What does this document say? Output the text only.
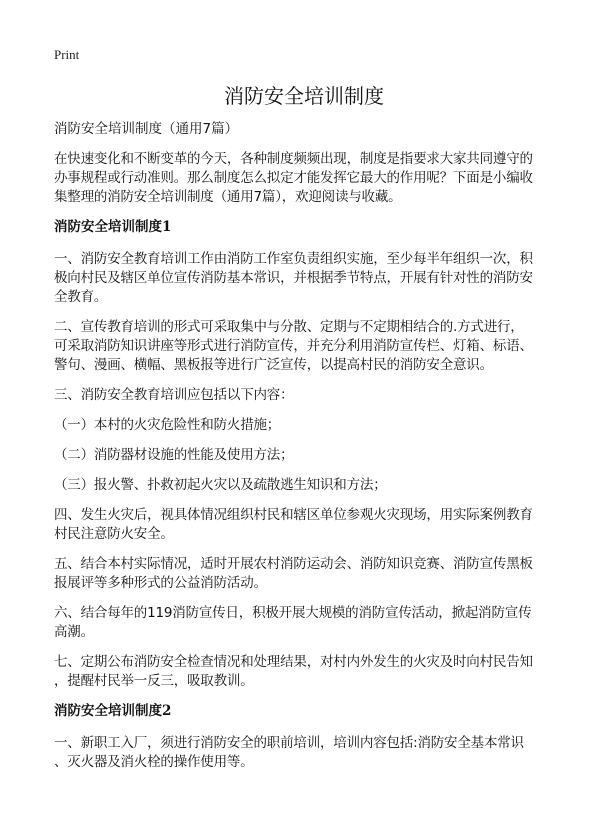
Print
消防安全培训制度
消防安全培训制度（通用7篇）
在快速变化和不断变革的今天，各种制度频频出现，制度是指要求大家共同遵守的
办事规程或行动准则。那么制度怎么拟定才能发挥它最大的作用呢？下面是小编收
集整理的消防安全培训制度（通用7篇），欢迎阅读与收藏。
消防安全培训制度1
一、消防安全教育培训工作由消防工作室负责组织实施，至少每半年组织一次，积
极向村民及辖区单位宣传消防基本常识，并根据季节特点，开展有针对性的消防安
全教育。
二、宣传教育培训的形式可采取集中与分散、定期与不定期相结合的.方式进行，
可采取消防知识讲座等形式进行消防宣传，并充分利用消防宣传栏、灯箱、标语、
警句、漫画、横幅、黑板报等进行广泛宣传，以提高村民的消防安全意识。
三、消防安全教育培训应包括以下内容：
（一）本村的火灾危险性和防火措施；
（二）消防器材设施的性能及使用方法；
（三）报火警、扑救初起火灾以及疏散逃生知识和方法；
四、发生火灾后，视具体情况组织村民和辖区单位参观火灾现场，用实际案例教育
村民注意防火安全。
五、结合本村实际情况，适时开展农村消防运动会、消防知识竞赛、消防宣传黑板
报展评等多种形式的公益消防活动。
六、结合每年的119消防宣传日，积极开展大规模的消防宣传活动，掀起消防宣传
高潮。
七、定期公布消防安全检查情况和处理结果，对村内外发生的火灾及时向村民告知
，提醒村民举一反三，吸取教训。
消防安全培训制度2
一、新职工入厂，须进行消防安全的职前培训，培训内容包括:消防安全基本常识
、灭火器及消火栓的操作使用等。
